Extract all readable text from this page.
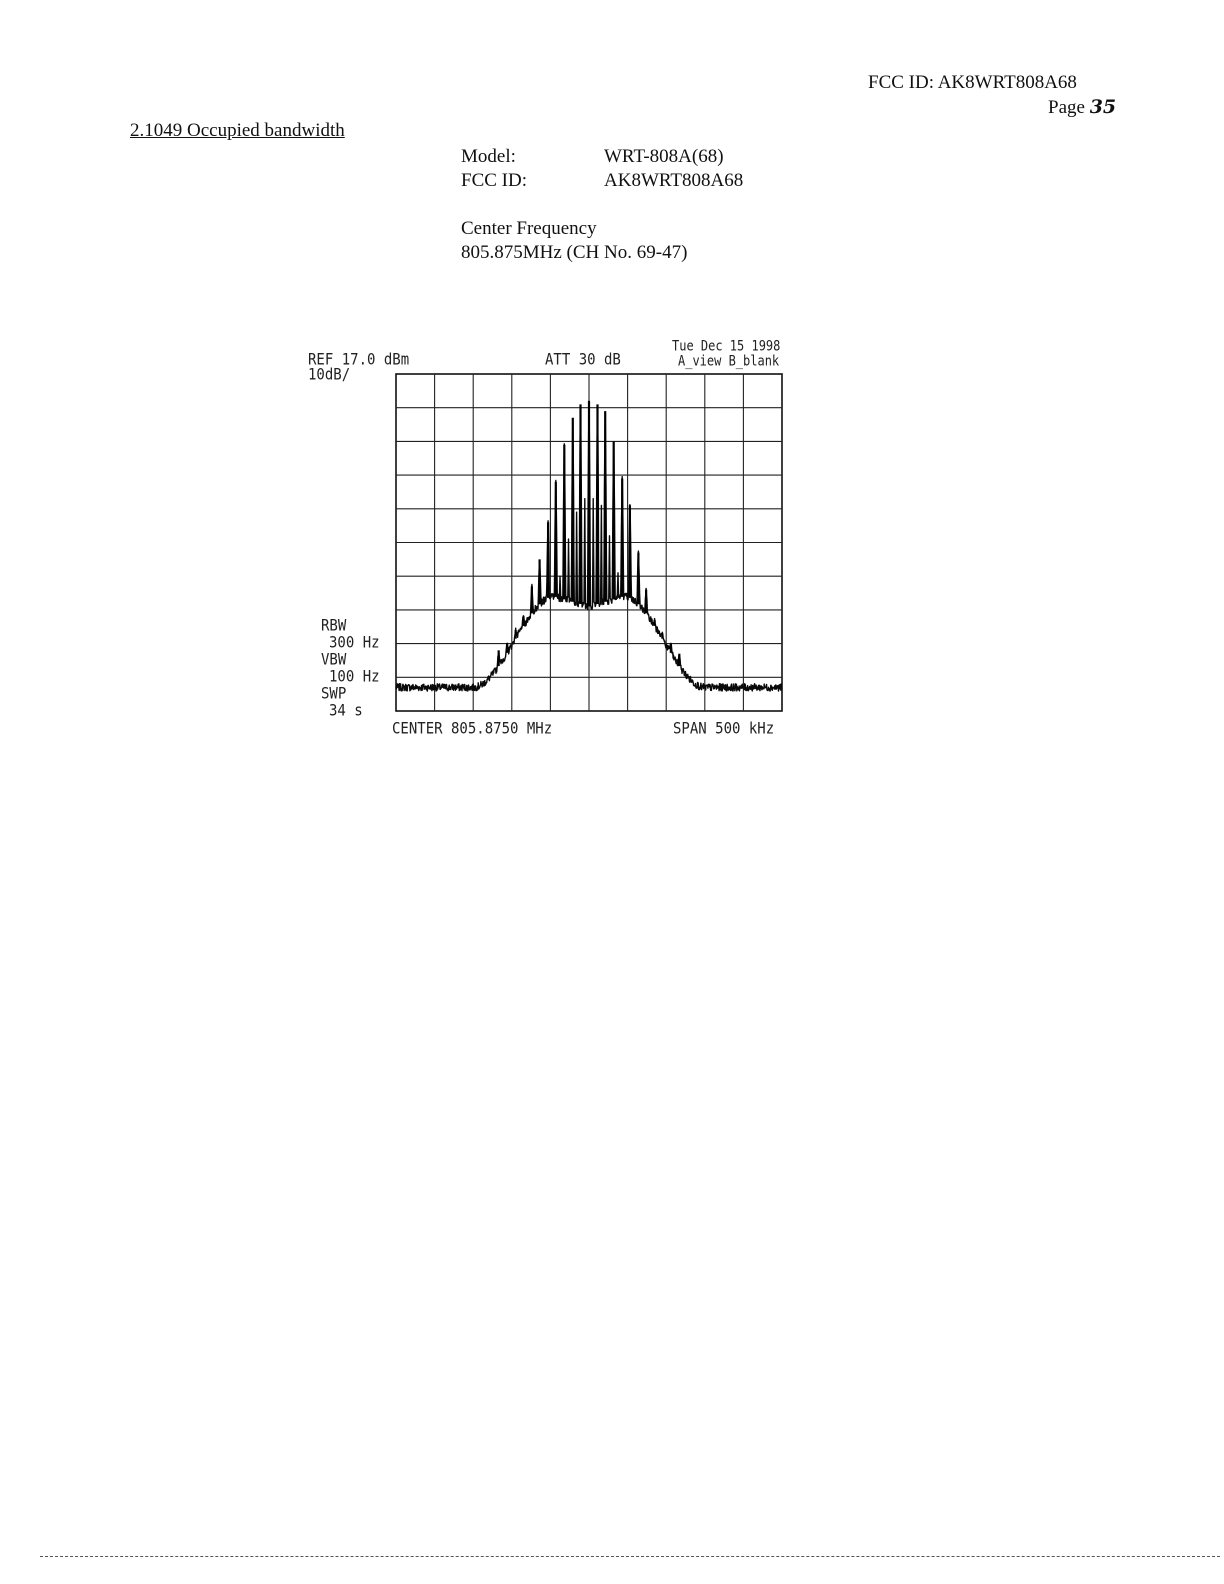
FCC ID: AK8WRT808A68
Page 35
2.1049 Occupied bandwidth
Model:	WRT-808A(68)
FCC ID:	AK8WRT808A68
Center Frequency
805.875MHz (CH No. 69-47)
REF 17.0 dBm
10dB/
ATT 30 dB
Tue Dec 15 1998
A_view B_blank
RBW
300 Hz
VBW
100 Hz
SWP
34 s
CENTER 805.8750 MHz	SPAN 500 kHz
